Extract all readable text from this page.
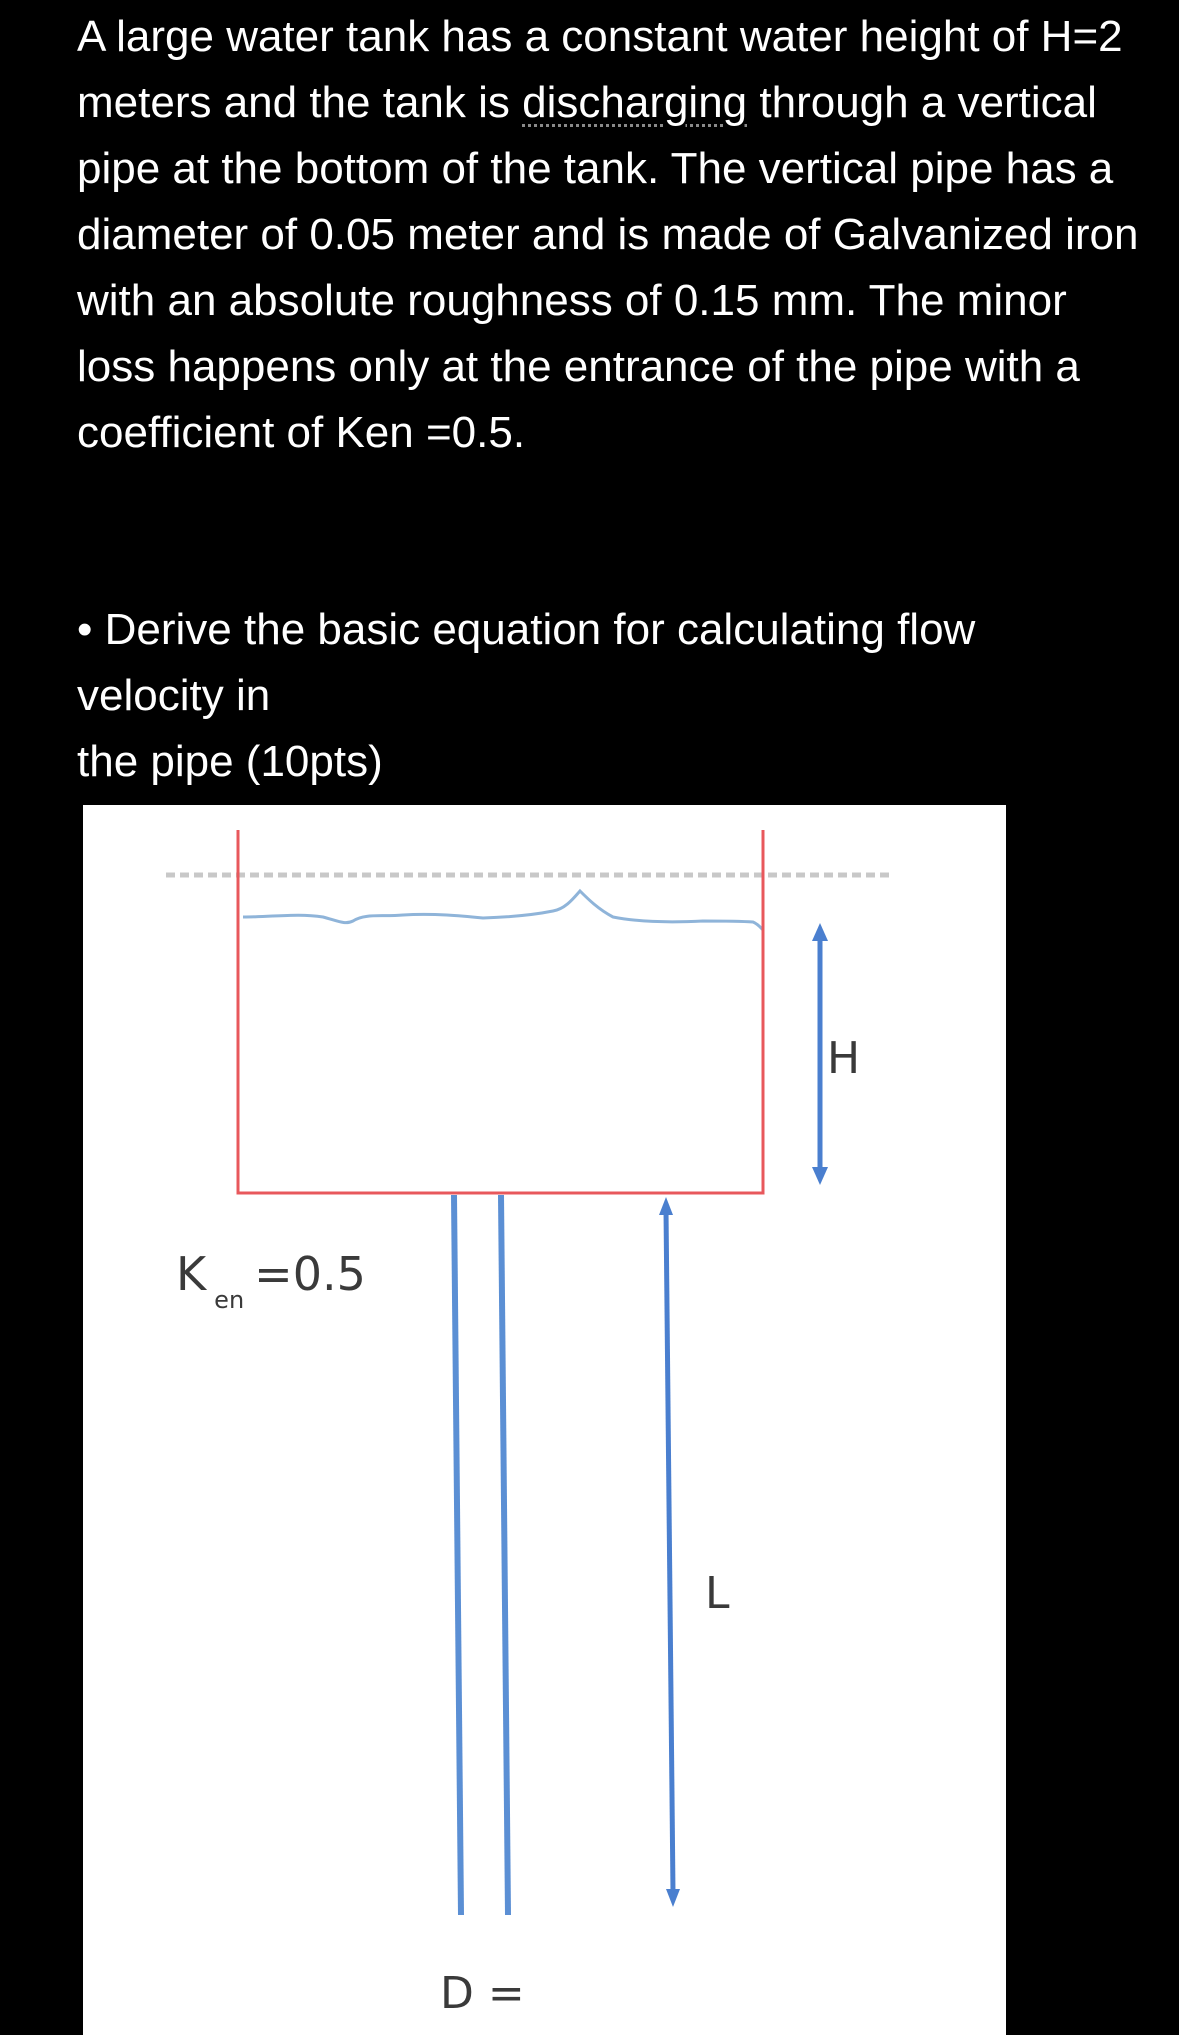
A large water tank has a constant water height of H=2 meters and the tank is discharging through a vertical pipe at the bottom of the tank. The vertical pipe has a diameter of 0.05 meter and is made of Galvanized iron with an absolute roughness of 0.15 mm. The minor loss happens only at the entrance of the pipe with a coefficient of Ken =0.5.

• Derive the basic equation for calculating flow
velocity in
the pipe (10pts)
Ken =0.5
H
L
D =
